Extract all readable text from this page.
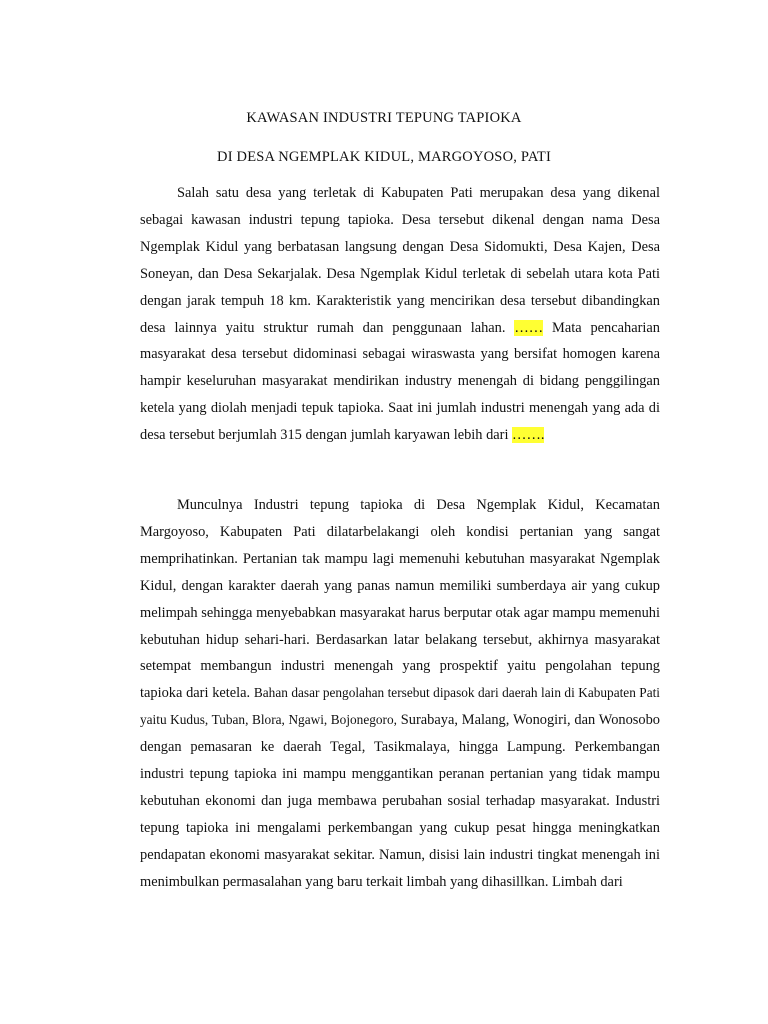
KAWASAN INDUSTRI TEPUNG TAPIOKA
DI DESA NGEMPLAK KIDUL, MARGOYOSO, PATI

Salah satu desa yang terletak di Kabupaten Pati merupakan desa yang dikenal sebagai kawasan industri tepung tapioka. Desa tersebut dikenal dengan nama Desa Ngemplak Kidul yang berbatasan langsung dengan Desa Sidomukti, Desa Kajen, Desa Soneyan, dan Desa Sekarjalak. Desa Ngemplak Kidul terletak di sebelah utara kota Pati dengan jarak tempuh 18 km. Karakteristik yang mencirikan desa tersebut dibandingkan desa lainnya yaitu struktur rumah dan penggunaan lahan. …… Mata pencaharian masyarakat desa tersebut didominasi sebagai wiraswasta yang bersifat homogen karena hampir keseluruhan masyarakat mendirikan industry menengah di bidang penggilingan ketela yang diolah menjadi tepuk tapioka. Saat ini jumlah industri menengah yang ada di desa tersebut berjumlah 315 dengan jumlah karyawan lebih dari …….

Munculnya Industri tepung tapioka di Desa Ngemplak Kidul, Kecamatan Margoyoso, Kabupaten Pati dilatarbelakangi oleh kondisi pertanian yang sangat memprihatinkan. Pertanian tak mampu lagi memenuhi kebutuhan masyarakat Ngemplak Kidul, dengan karakter daerah yang panas namun memiliki sumberdaya air yang cukup melimpah sehingga menyebabkan masyarakat harus berputar otak agar mampu memenuhi kebutuhan hidup sehari-hari. Berdasarkan latar belakang tersebut, akhirnya masyarakat setempat membangun industri menengah yang prospektif yaitu pengolahan tepung tapioka dari ketela. Bahan dasar pengolahan tersebut dipasok dari daerah lain di Kabupaten Pati yaitu Kudus, Tuban, Blora, Ngawi, Bojonegoro, Surabaya, Malang, Wonogiri, dan Wonosobo dengan pemasaran ke daerah Tegal, Tasikmalaya, hingga Lampung. Perkembangan industri tepung tapioka ini mampu menggantikan peranan pertanian yang tidak mampu kebutuhan ekonomi dan juga membawa perubahan sosial terhadap masyarakat. Industri tepung tapioka ini mengalami perkembangan yang cukup pesat hingga meningkatkan pendapatan ekonomi masyarakat sekitar. Namun, disisi lain industri tingkat menengah ini menimbulkan permasalahan yang baru terkait limbah yang dihasillkan. Limbah dari
